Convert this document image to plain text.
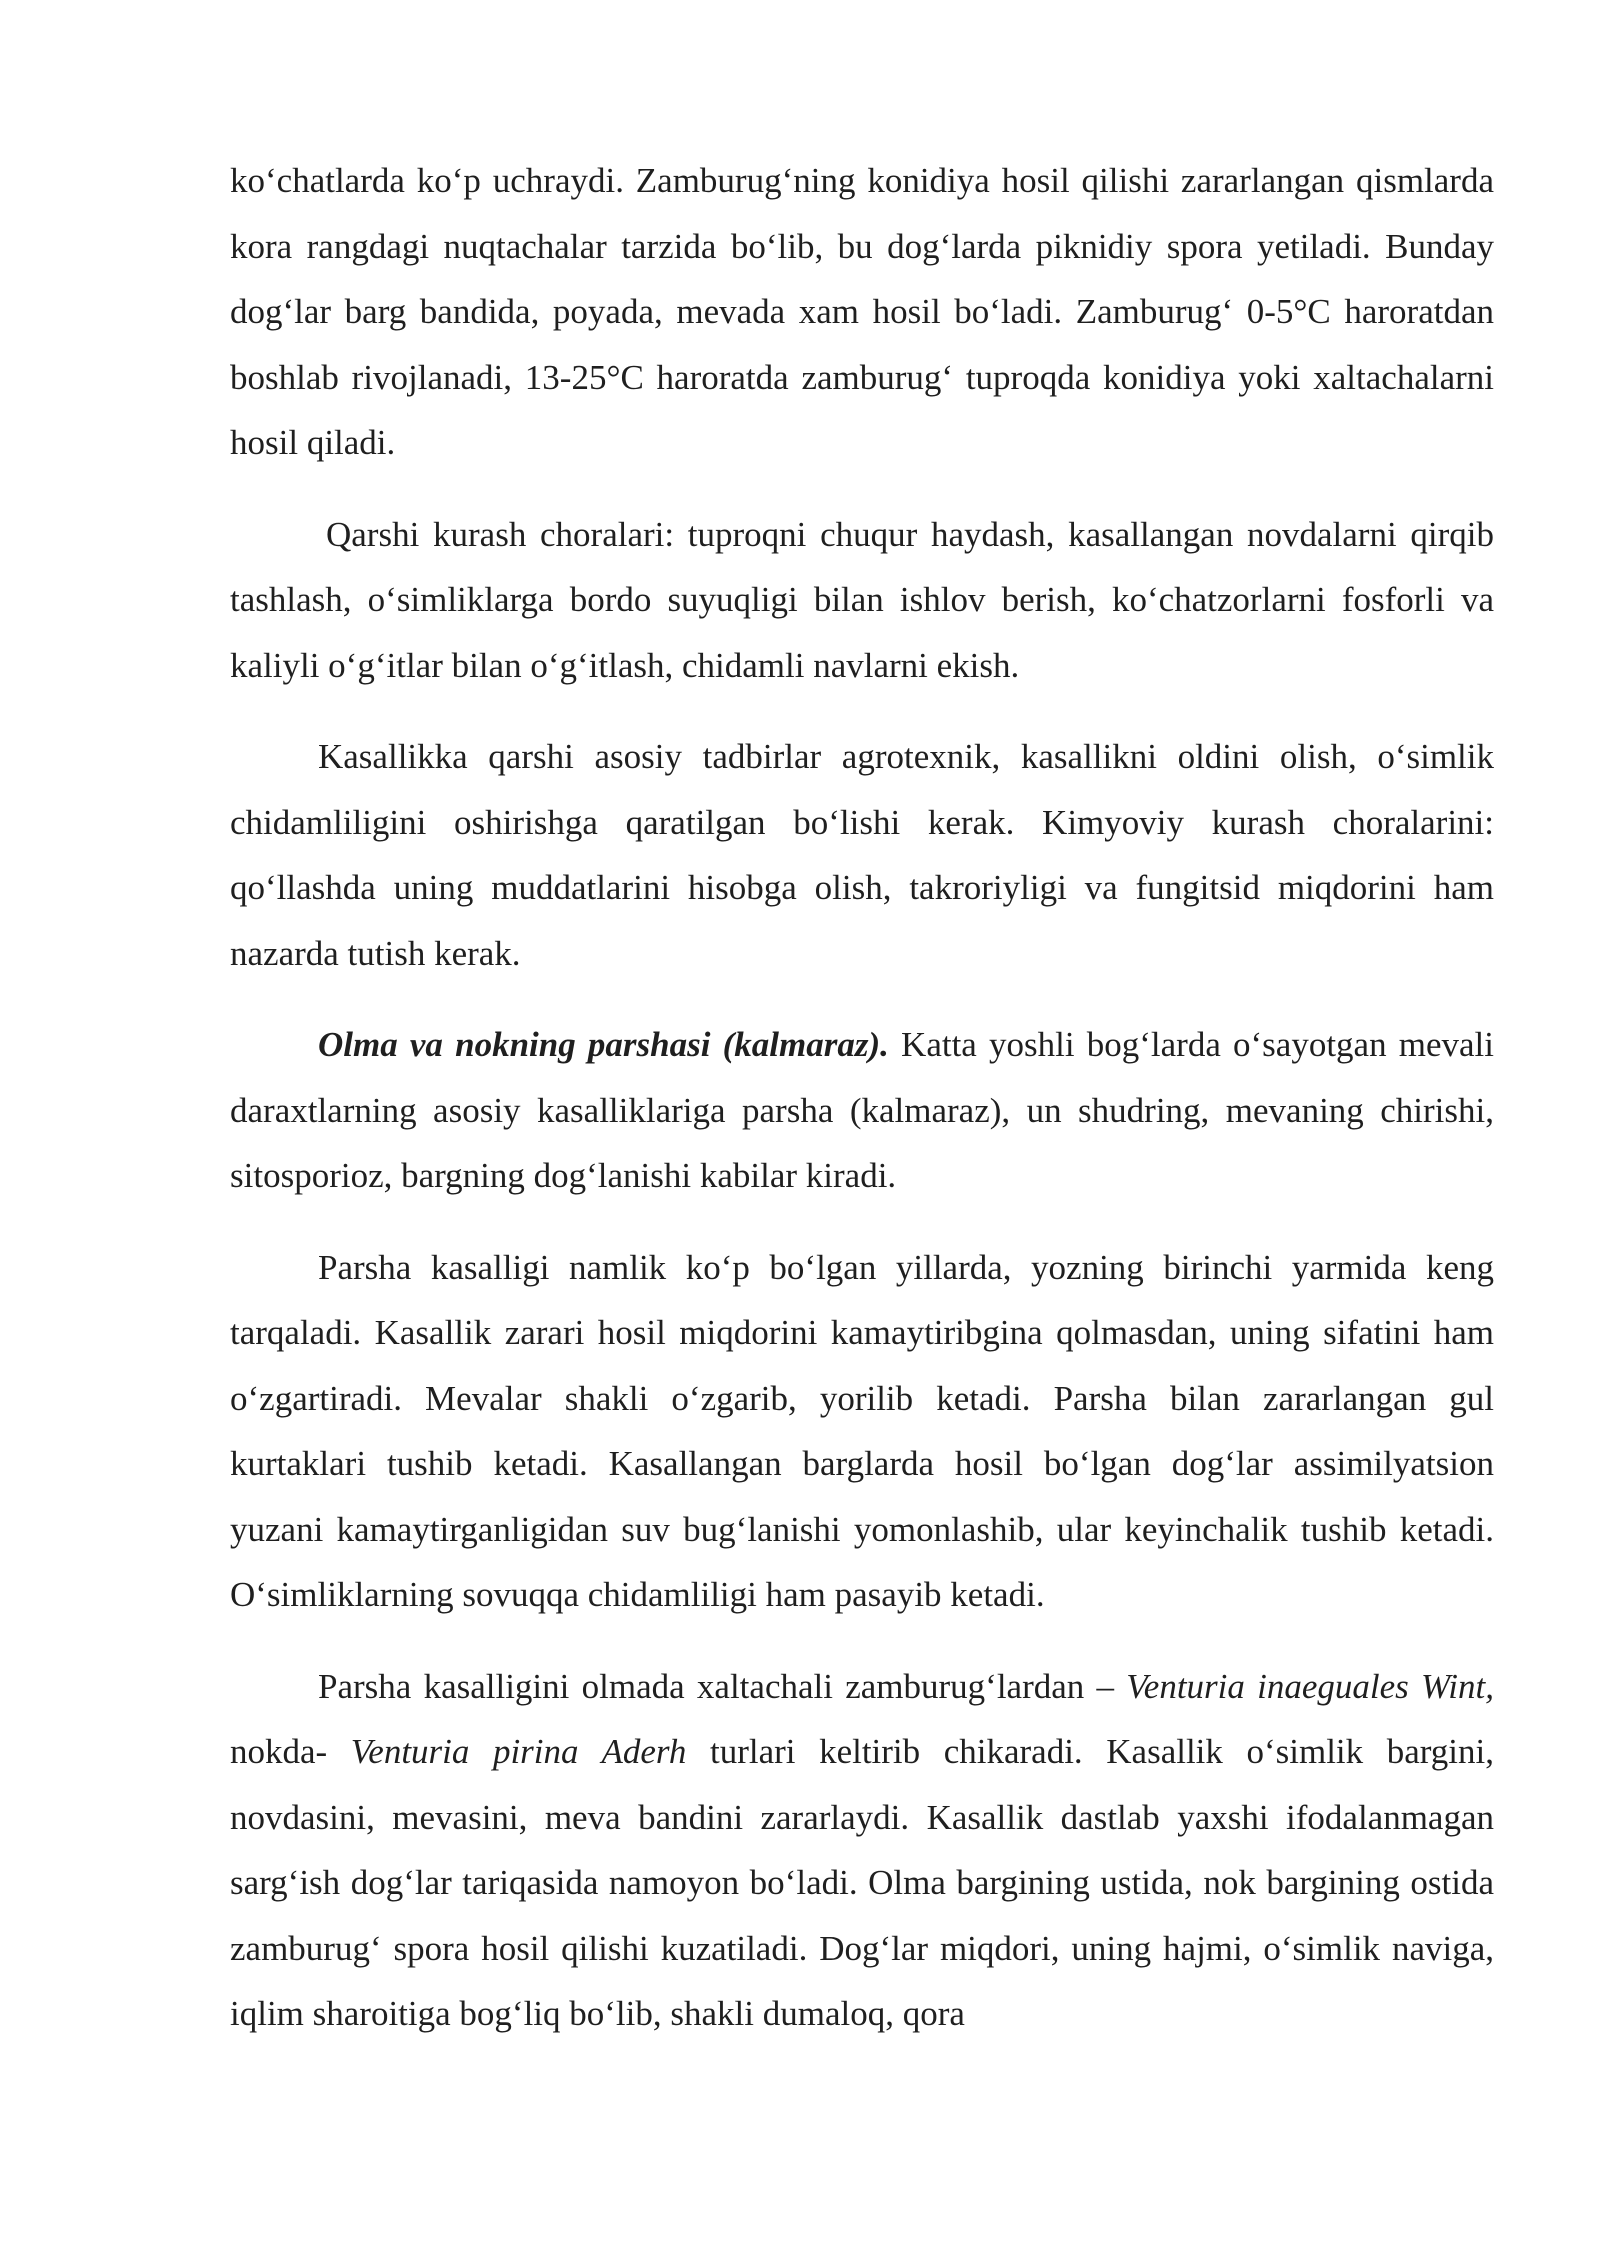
ko‘chatlarda ko‘p uchraydi. Zamburug‘ning konidiya hosil qilishi zararlangan qismlarda kora rangdagi nuqtachalar tarzida bo‘lib, bu dog‘larda piknidiy spora yetiladi. Bunday dog‘lar barg bandida, poyada, mevada xam hosil bo‘ladi. Zamburug‘ 0-5°C haroratdan boshlab rivojlanadi, 13-25°C haroratda zamburug‘ tuproqda konidiya yoki xaltachalarni hosil qiladi.

Qarshi kurash choralari: tuproqni chuqur haydash, kasallangan novdalarni qirqib tashlash, o‘simliklarga bordo suyuqligi bilan ishlov berish, ko‘chatzorlarni fosforli va kaliyli o‘g‘itlar bilan o‘g‘itlash, chidamli navlarni ekish.

Kasallikka qarshi asosiy tadbirlar agrotexnik, kasallikni oldini olish, o‘simlik chidamliligini oshirishga qaratilgan bo‘lishi kerak. Kimyoviy kurash choralarini: qo‘llashda uning muddatlarini hisobga olish, takroriyligi va fungitsid miqdorini ham nazarda tutish kerak.

Olma va nokning parshasi (kalmaraz). Katta yoshli bog‘larda o‘sayotgan mevali daraxtlarning asosiy kasalliklariga parsha (kalmaraz), un shudring, mevaning chirishi, sitosporioz, bargning dog‘lanishi kabilar kiradi.

Parsha kasalligi namlik ko‘p bo‘lgan yillarda, yozning birinchi yarmida keng tarqaladi. Kasallik zarari hosil miqdorini kamaytiribgina qolmasdan, uning sifatini ham o‘zgartiradi. Mevalar shakli o‘zgarib, yorilib ketadi. Parsha bilan zararlangan gul kurtaklari tushib ketadi. Kasallangan barglarda hosil bo‘lgan dog‘lar assimilyatsion yuzani kamaytirganligidan suv bug‘lanishi yomonlashib, ular keyinchalik tushib ketadi. O‘simliklarning sovuqqa chidamliligi ham pasayib ketadi.

Parsha kasalligini olmada xaltachali zamburug‘lardan – Venturia inaeguales Wint, nokda- Venturia pirina Aderh turlari keltirib chikaradi. Kasallik o‘simlik bargini, novdasini, mevasini, meva bandini zararlaydi. Kasallik dastlab yaxshi ifodalanmagan sarg‘ish dog‘lar tariqasida namoyon bo‘ladi. Olma bargining ustida, nok bargining ostida zamburug‘ spora hosil qilishi kuzatiladi. Dog‘lar miqdori, uning hajmi, o‘simlik naviga, iqlim sharoitiga bog‘liq bo‘lib, shakli dumaloq, qora
